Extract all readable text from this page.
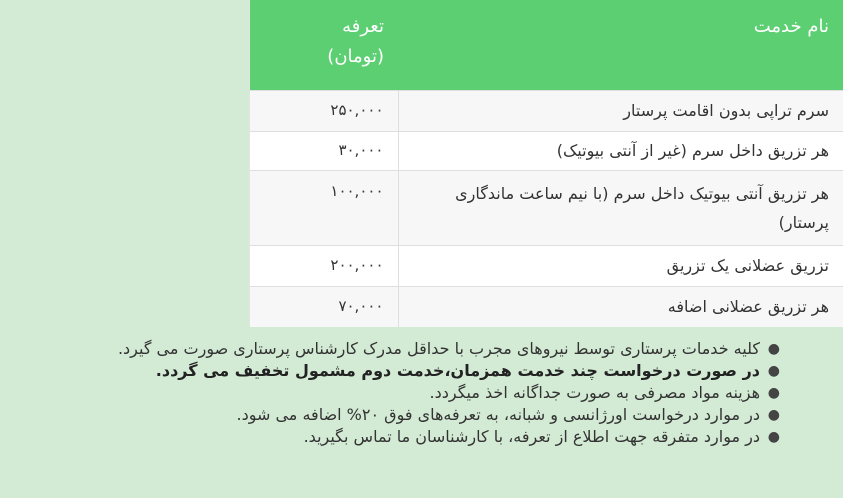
نام خدمت	تعرفه
(تومان)
سرم تراپی بدون اقامت پرستار	۲۵۰,۰۰۰
هر تزریق داخل سرم (غیر از آنتی بیوتیک)	۳۰,۰۰۰
هر تزریق آنتی بیوتیک داخل سرم (با نیم ساعت ماندگاری پرستار)	۱۰۰,۰۰۰
تزریق عضلانی یک تزریق	۲۰۰,۰۰۰
هر تزریق عضلانی اضافه	۷۰,۰۰۰
●
کلیه خدمات پرستاری توسط نیروهای مجرب با حداقل مدرک کارشناس پرستاری صورت می گیرد.
●
در صورت درخواست چند خدمت همزمان،خدمت دوم مشمول تخفیف می گردد.
●
هزینه مواد مصرفی به صورت جداگانه اخذ میگردد.
●
در موارد درخواست اورژانسی و شبانه، به تعرفه‌های فوق ۲۰% اضافه می شود.
●
در موارد متفرقه جهت اطلاع از تعرفه، با کارشناسان ما تماس بگیرید.
